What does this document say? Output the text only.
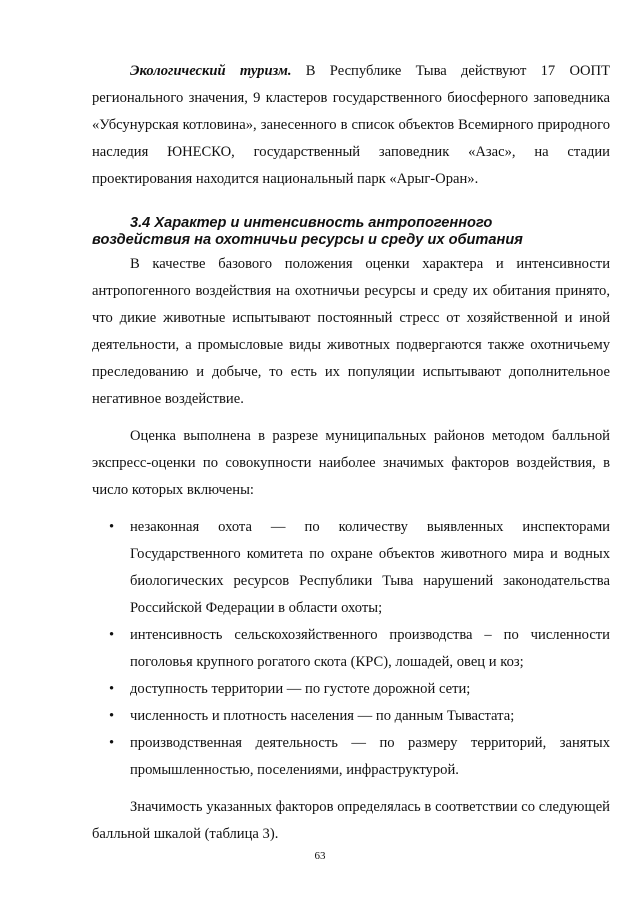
Экологический туризм. В Республике Тыва действуют 17 ООПТ регионального значения, 9 кластеров государственного биосферного заповедника «Убсунурская котловина», занесенного в список объектов Всемирного природного наследия ЮНЕСКО, государственный заповедник «Азас», на стадии проектирования находится национальный парк «Арыг-Оран».

3.4 Характер и интенсивность антропогенного
воздействия на охотничьи ресурсы и среду их обитания

В качестве базового положения оценки характера и интенсивности антропогенного воздействия на охотничьи ресурсы и среду их обитания принято, что дикие животные испытывают постоянный стресс от хозяйственной и иной деятельности, а промысловые виды животных подвергаются также охотничьему преследованию и добыче, то есть их популяции испытывают дополнительное негативное воздействие.

Оценка выполнена в разрезе муниципальных районов методом балльной экспресс-оценки по совокупности наиболее значимых факторов воздействия, в число которых включены:

• незаконная охота — по количеству выявленных инспекторами Государственного комитета по охране объектов животного мира и водных биологических ресурсов Республики Тыва нарушений законодательства Российской Федерации в области охоты;
• интенсивность сельскохозяйственного производства – по численности поголовья крупного рогатого скота (КРС), лошадей, овец и коз;
• доступность территории — по густоте дорожной сети;
• численность и плотность населения — по данным Тывастата;
• производственная деятельность — по размеру территорий, занятых промышленностью, поселениями, инфраструктурой.

Значимость указанных факторов определялась в соответствии со следующей балльной шкалой (таблица 3).

63
